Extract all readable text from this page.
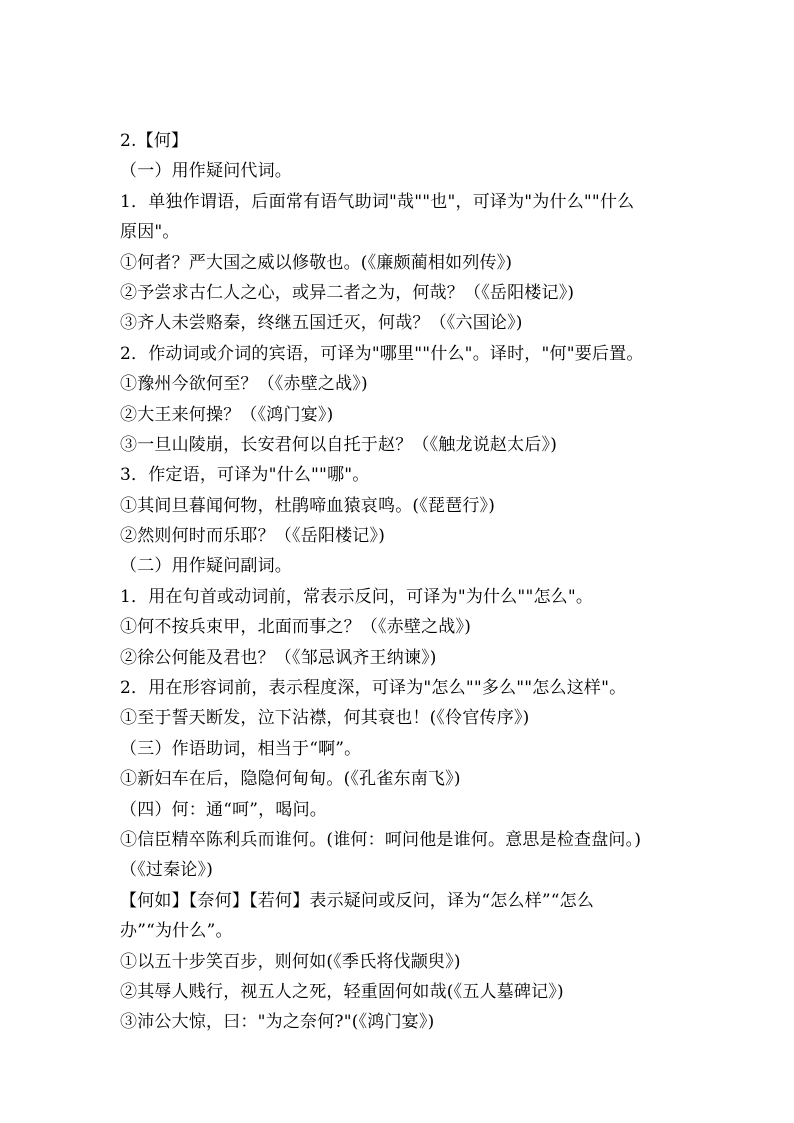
2.【何】
（一）用作疑问代词。
1．单独作谓语，后面常有语气助词"哉""也"，可译为"为什么""什么
原因"。
①何者？严大国之威以修敬也。(《廉颇蔺相如列传》)
②予尝求古仁人之心，或异二者之为，何哉？（《岳阳楼记》)
③齐人未尝赂秦，终继五国迁灭，何哉？（《六国论》)
2．作动词或介词的宾语，可译为"哪里""什么"。译时，"何"要后置。
①豫州今欲何至？（《赤壁之战》)
②大王来何操？（《鸿门宴》)
③一旦山陵崩，长安君何以自托于赵？（《触龙说赵太后》)
3．作定语，可译为"什么""哪"。
①其间旦暮闻何物，杜鹃啼血猿哀鸣。(《琵琶行》)
②然则何时而乐耶？（《岳阳楼记》)
（二）用作疑问副词。
1．用在句首或动词前，常表示反问，可译为"为什么""怎么"。
①何不按兵束甲，北面而事之？（《赤壁之战》)
②徐公何能及君也？（《邹忌讽齐王纳谏》)
2．用在形容词前，表示程度深，可译为"怎么""多么""怎么这样"。
①至于誓天断发，泣下沾襟，何其衰也！(《伶官传序》)
（三）作语助词，相当于“啊”。
①新妇车在后，隐隐何甸甸。(《孔雀东南飞》)
（四）何：通“呵”，喝问。
①信臣精卒陈利兵而谁何。(谁何：呵问他是谁何。意思是检查盘问。)
（《过秦论》)
【何如】【奈何】【若何】表示疑问或反问，译为“怎么样”“怎么
办”“为什么”。
①以五十步笑百步，则何如(《季氏将伐颛臾》)
②其辱人贱行，视五人之死，轻重固何如哉(《五人墓碑记》)
③沛公大惊，曰："为之奈何?"(《鸿门宴》)
